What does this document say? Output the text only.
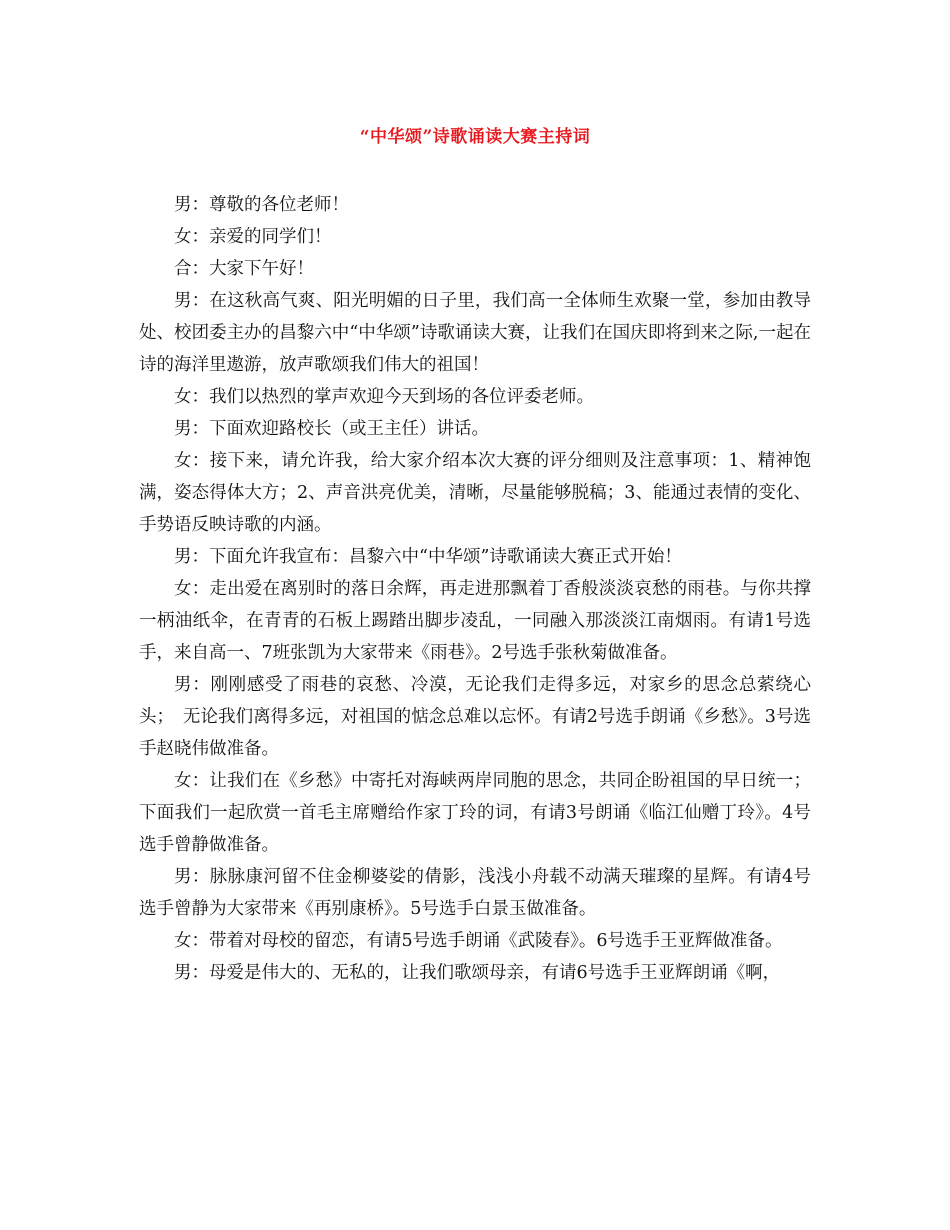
“中华颂”诗歌诵读大赛主持词

男：尊敬的各位老师！

女：亲爱的同学们！

合：大家下午好！

男：在这秋高气爽、阳光明媚的日子里，我们高一全体师生欢聚一堂，参加由教导处、校团委主办的昌黎六中“中华颂”诗歌诵读大赛，让我们在国庆即将到来之际,一起在诗的海洋里遨游，放声歌颂我们伟大的祖国！

女：我们以热烈的掌声欢迎今天到场的各位评委老师。

男：下面欢迎路校长（或王主任）讲话。

女：接下来，请允许我，给大家介绍本次大赛的评分细则及注意事项：1、精神饱满，姿态得体大方；2、声音洪亮优美，清晰，尽量能够脱稿；3、能通过表情的变化、手势语反映诗歌的内涵。

男：下面允许我宣布：昌黎六中“中华颂”诗歌诵读大赛正式开始！

女：走出爱在离别时的落日余辉，再走进那飘着丁香般淡淡哀愁的雨巷。与你共撑一柄油纸伞，在青青的石板上踢踏出脚步凌乱，一同融入那淡淡江南烟雨。有请1号选手，来自高一、7班张凯为大家带来《雨巷》。2号选手张秋菊做准备。

男：刚刚感受了雨巷的哀愁、冷漠，无论我们走得多远，对家乡的思念总萦绕心头；　无论我们离得多远，对祖国的惦念总难以忘怀。有请2号选手朗诵《乡愁》。3号选手赵晓伟做准备。

女：让我们在《乡愁》中寄托对海峡两岸同胞的思念，共同企盼祖国的早日统一；下面我们一起欣赏一首毛主席赠给作家丁玲的词，有请3号朗诵《临江仙赠丁玲》。4号选手曾静做准备。

男：脉脉康河留不住金柳婆娑的倩影，浅浅小舟载不动满天璀璨的星辉。有请4号选手曾静为大家带来《再别康桥》。5号选手白景玉做准备。

女：带着对母校的留恋，有请5号选手朗诵《武陵春》。6号选手王亚辉做准备。

男：母爱是伟大的、无私的，让我们歌颂母亲，有请6号选手王亚辉朗诵《啊，
